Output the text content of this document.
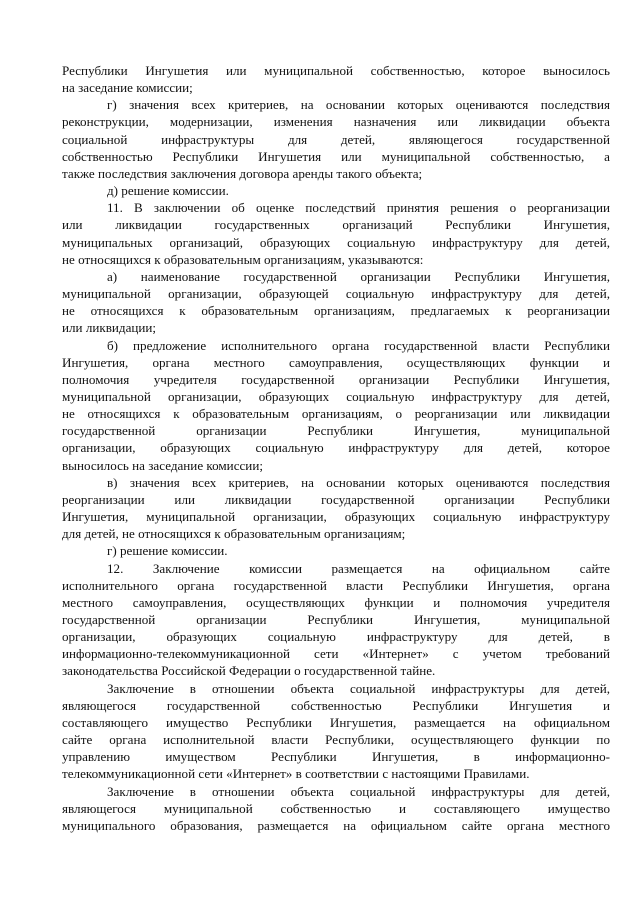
Республики Ингушетия или муниципальной собственностью, которое выносилось

на заседание комиссии;

г) значения всех критериев, на основании которых оцениваются последствия

реконструкции, модернизации, изменения назначения или ликвидации объекта

социальной инфраструктуры для детей, являющегося государственной

собственностью Республики Ингушетия или муниципальной собственностью, а

также последствия заключения договора аренды такого объекта;

д) решение комиссии.

11. В заключении об оценке последствий принятия решения о реорганизации

или ликвидации государственных организаций Республики Ингушетия,

муниципальных организаций, образующих социальную инфраструктуру для детей,

не относящихся к образовательным организациям, указываются:

а) наименование государственной организации Республики Ингушетия,

муниципальной организации, образующей социальную инфраструктуру для детей,

не относящихся к образовательным организациям, предлагаемых к реорганизации

или ликвидации;

б) предложение исполнительного органа государственной власти Республики

Ингушетия, органа местного самоуправления, осуществляющих функции и

полномочия учредителя государственной организации Республики Ингушетия,

муниципальной организации, образующих социальную инфраструктуру для детей,

не относящихся к образовательным организациям, о реорганизации или ликвидации

государственной организации Республики Ингушетия, муниципальной

организации, образующих социальную инфраструктуру для детей, которое

выносилось на заседание комиссии;

в) значения всех критериев, на основании которых оцениваются последствия

реорганизации или ликвидации государственной организации Республики

Ингушетия, муниципальной организации, образующих социальную инфраструктуру

для детей, не относящихся к образовательным организациям;

г) решение комиссии.

12. Заключение комиссии размещается на официальном сайте

исполнительного органа государственной власти Республики Ингушетия, органа

местного самоуправления, осуществляющих функции и полномочия учредителя

государственной организации Республики Ингушетия, муниципальной

организации, образующих социальную инфраструктуру для детей, в

информационно-телекоммуникационной сети «Интернет» с учетом требований

законодательства Российской Федерации о государственной тайне.

Заключение в отношении объекта социальной инфраструктуры для детей,

являющегося государственной собственностью Республики Ингушетия и

составляющего имущество Республики Ингушетия, размещается на официальном

сайте органа исполнительной власти Республики, осуществляющего функции по

управлению имуществом Республики Ингушетия, в информационно-

телекоммуникационной сети «Интернет» в соответствии с настоящими Правилами.

Заключение в отношении объекта социальной инфраструктуры для детей,

являющегося муниципальной собственностью и составляющего имущество

муниципального образования, размещается на официальном сайте органа местного
